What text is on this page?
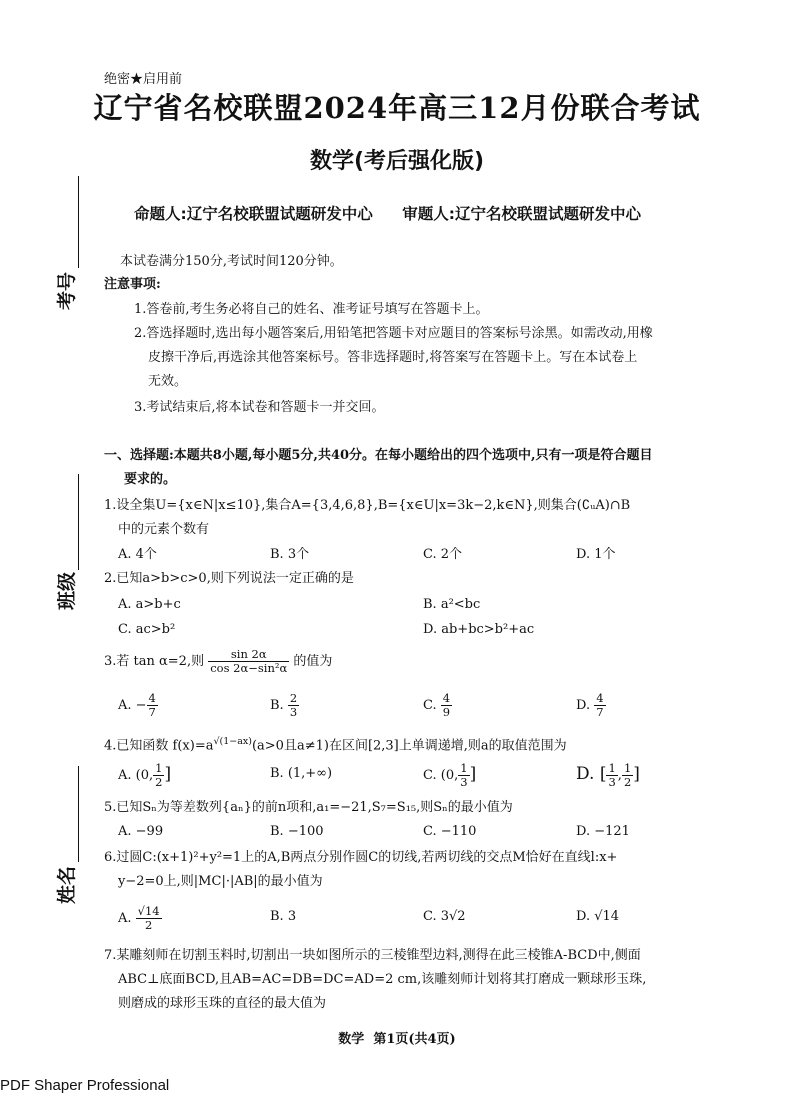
绝密★启用前
辽宁省名校联盟2024年高三12月份联合考试
数学(考后强化版)
命题人:辽宁名校联盟试题研发中心    审题人:辽宁名校联盟试题研发中心
考号
班级
姓名
本试卷满分150分,考试时间120分钟。
注意事项:
1.答卷前,考生务必将自己的姓名、准考证号填写在答题卡上。
2.答选择题时,选出每小题答案后,用铅笔把答题卡对应题目的答案标号涂黑。如需改动,用橡
皮擦干净后,再选涂其他答案标号。答非选择题时,将答案写在答题卡上。写在本试卷上
无效。
3.考试结束后,将本试卷和答题卡一并交回。
一、选择题:本题共8小题,每小题5分,共40分。在每小题给出的四个选项中,只有一项是符合题目
要求的。
1.设全集U={x∈N|x≤10},集合A={3,4,6,8},B={x∈U|x=3k−2,k∈N},则集合(∁ᵤA)∩B
中的元素个数有
A. 4个	B. 3个	C. 2个	D. 1个
2.已知a>b>c>0,则下列说法一定正确的是
A. a>b+c	B. a²<bc
C. ac>b²	D. ab+bc>b²+ac
3.若 tan α=2,则 $\frac{\sin 2\alpha}{\text{cos 2α−sin²α}}$ 的值为
A. − $\frac{4}{7}$	B. $\frac{2}{3}$	C. $\frac{4}{9}$	D. $\frac{4}{7}$
4.已知函数 $f(x)=a^{√(1-ax)}(a>0$且a≠1)在区间[2,3]上单调递增,则a的取值范围为
A. (0, $\frac{1}{2}$ ]	B. (1,+∞)	C. (0, $\frac{1}{3}$ ]	D. [ $\frac{1}{3}$ , $\frac{1}{2}$ ]
5.已知Sₙ为等差数列{aₙ}的前n项和,a₁=−21,S₇=S₁₅,则Sₙ的最小值为
A. −99	B. −100	C. −110	D. −121
6.过圆C:(x+1)²+y²=1上的A,B两点分别作圆C的切线,若两切线的交点M恰好在直线l:x+
y−2=0上,则|MC|·|AB|的最小值为
A. $\frac{√14}{2}$	B. 3	C. 3√2	D. √14
7.某雕刻师在切割玉料时,切割出一块如图所示的三棱锥型边料,测得在此三棱锥A-BCD中,侧面
ABC⊥底面BCD,且AB=AC=DB=DC=AD=2 cm,该雕刻师计划将其打磨成一颗球形玉珠,
则磨成的球形玉珠的直径的最大值为
数学  第1页(共4页)
PDF Shaper Professional
